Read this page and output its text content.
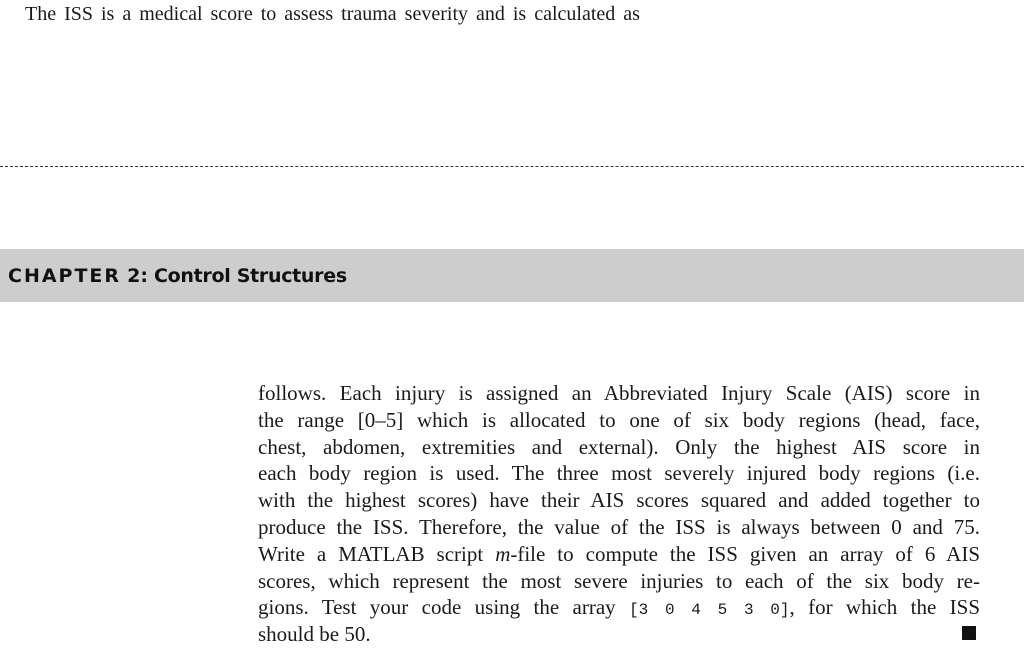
The ISS is a medical score to assess trauma severity and is calculated as
CHAPTER 2: Control Structures
follows. Each injury is assigned an Abbreviated Injury Scale (AIS) score in
the range [0–5] which is allocated to one of six body regions (head, face,
chest, abdomen, extremities and external). Only the highest AIS score in
each body region is used. The three most severely injured body regions (i.e.
with the highest scores) have their AIS scores squared and added together to
produce the ISS. Therefore, the value of the ISS is always between 0 and 75.
Write a MATLAB script m-file to compute the ISS given an array of 6 AIS
scores, which represent the most severe injuries to each of the six body re-
gions. Test your code using the array [3 0 4 5 3 0], for which the ISS
should be 50.
